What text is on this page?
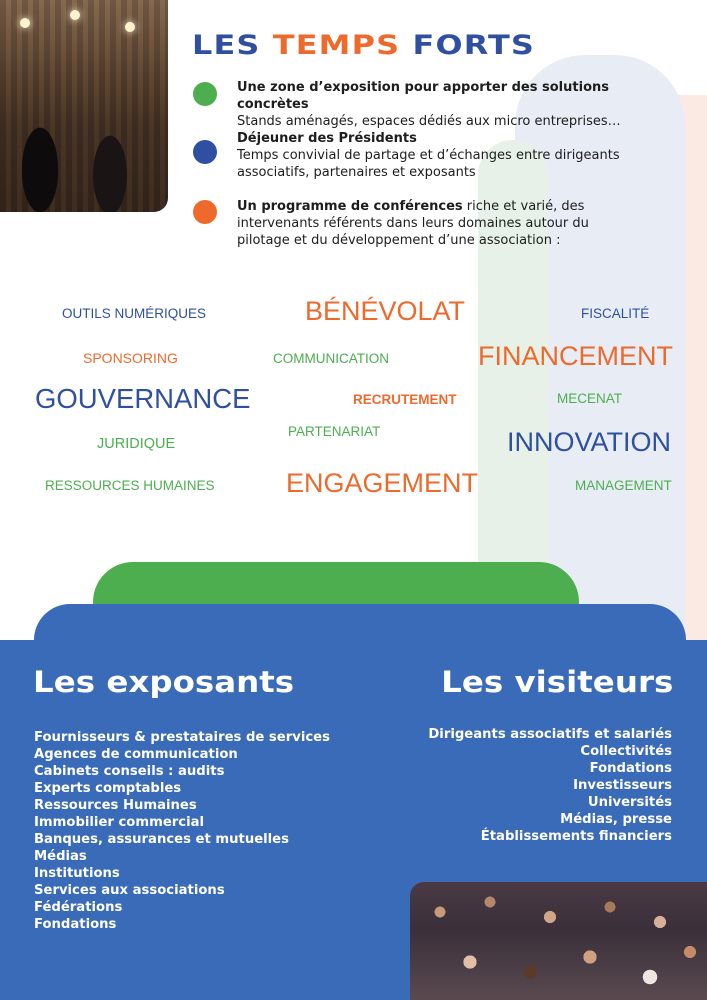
LES TEMPS FORTS
Une zone d’exposition pour apporter des solutions concrètes
Stands aménagés, espaces dédiés aux micro entreprises…
Déjeuner des Présidents
Temps convivial de partage et d’échanges entre dirigeants associatifs, partenaires et exposants
Un programme de conférences riche et varié, des intervenants référents dans leurs domaines autour du pilotage et du développement d’une association :
OUTILS NUMÉRIQUES	BÉNÉVOLAT	FISCALITÉ
SPONSORING	COMMUNICATION	FINANCEMENT
GOUVERNANCE	RECRUTEMENT	MECENAT
JURIDIQUE
PARTENARIAT	INNOVATION
RESSOURCES HUMAINES	ENGAGEMENT	MANAGEMENT
Les exposants
Fournisseurs & prestataires de services
Agences de communication
Cabinets conseils : audits
Experts comptables
Ressources Humaines
Immobilier commercial
Banques, assurances et mutuelles
Médias
Institutions
Services aux associations
Fédérations
Fondations
Les visiteurs
Dirigeants associatifs et salariés
Collectivités
Fondations
Investisseurs
Universités
Médias, presse
Établissements financiers
